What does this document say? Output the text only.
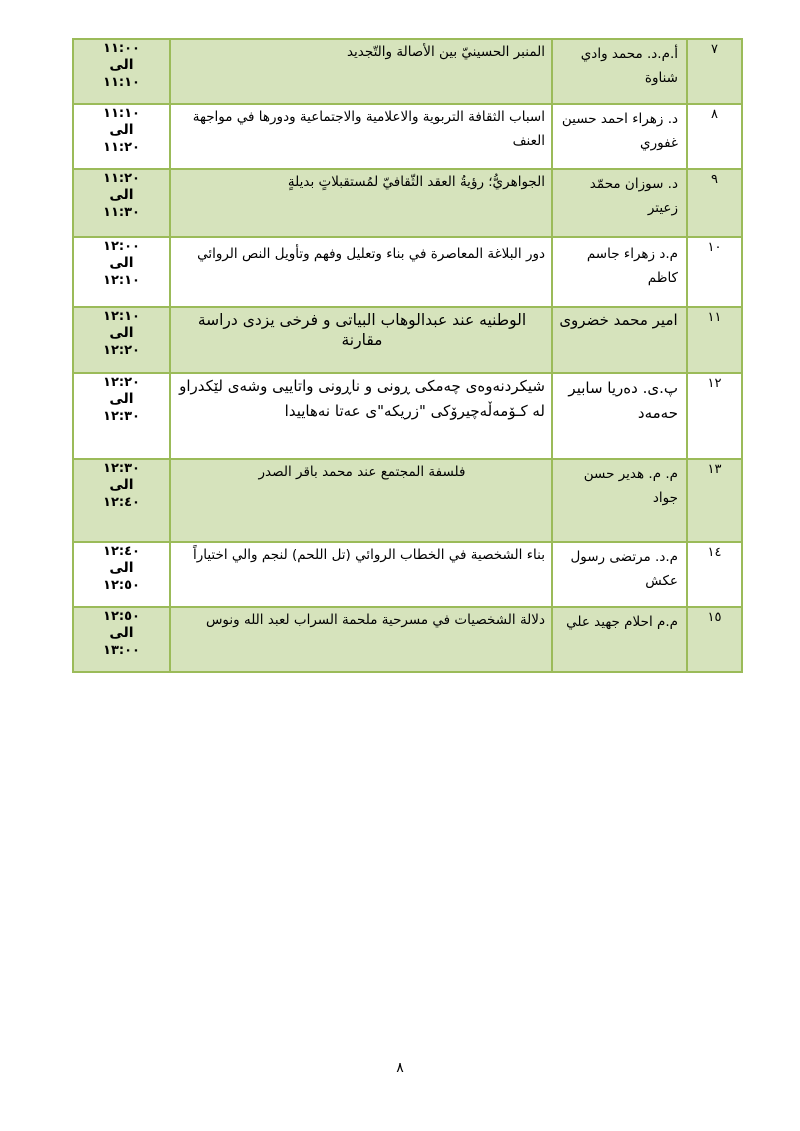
١١:٠٠
الى
١١:١٠	المنبر الحسينيّ بين الأصالة والتّجديد	أ.م.د. محمد وادي شناوة	٧

١١:١٠
الى
١١:٢٠	اسباب الثقافة التربوية والاعلامية والاجتماعية ودورها في مواجهة العنف	د. زهراء احمد حسين غفوري	٨

١١:٢٠
الى
١١:٣٠	الجواهريُّ؛ رؤيةُ العقد الثّقافيّ لمُستقبلاتٍ بديلةٍ	د. سوزان محمّد زعيتر	٩

١٢:٠٠
الى
١٢:١٠	دور البلاغة المعاصرة في بناء وتعليل وفهم وتأويل النص الروائي	م.د زهراء جاسم كاظم	١٠

١٢:١٠
الى
١٢:٢٠	الوطنيه عند عبدالوهاب البياتى و فرخى يزدى دراسة مقارنة	امير محمد خضروى	١١

١٢:٢٠
الى
١٢:٣٠	شیکردنەوەی چەمکی ڕونی و ناڕونی واتاییی وشەی لێکدراو لە کـۆمەڵەچیرۆکی "زریکە"ی عەتا نەهاییدا	پ.ی. دەریا سابیر حەمەد	١٢

١٢:٣٠
الى
١٢:٤٠	فلسفة المجتمع عند محمد باقر الصدر	م. م. هدير حسن جواد	١٣

١٢:٤٠
الى
١٢:٥٠	بناء الشخصية في الخطاب الروائي (تل اللحم) لنجم والي اختياراً	م.د. مرتضى رسول عكش	١٤

١٢:٥٠
الى
١٣:٠٠	دلالة الشخصيات في مسرحية ملحمة السراب لعبد الله ونوس	م.م احلام جهيد علي	١٥
٨
